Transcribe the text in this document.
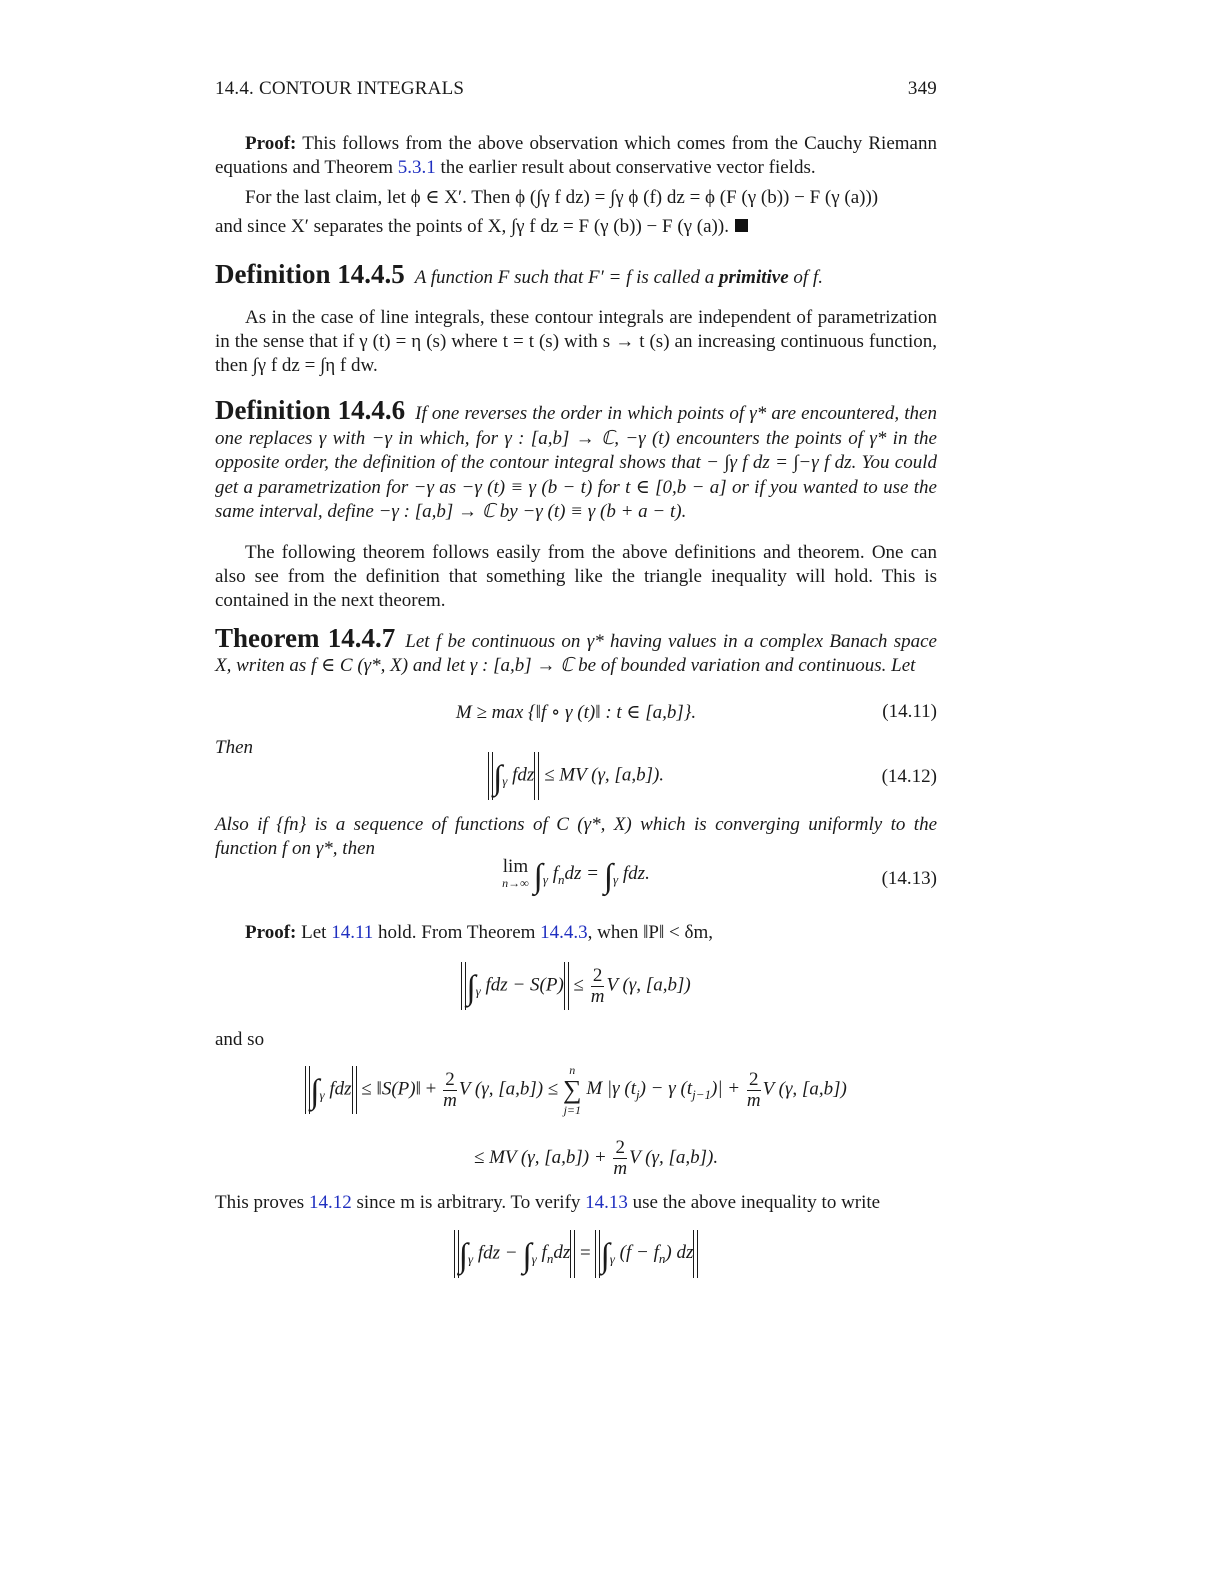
14.4. CONTOUR INTEGRALS	349
Proof: This follows from the above observation which comes from the Cauchy Riemann equations and Theorem 5.3.1 the earlier result about conservative vector fields.
For the last claim, let ϕ ∈ X′. Then ϕ (∫γ f dz) = ∫γ ϕ (f) dz = ϕ (F (γ (b)) − F (γ (a)))
and since X′ separates the points of X, ∫γ f dz = F (γ (b)) − F (γ (a)).
Definition 14.4.5 A function F such that F′ = f is called a primitive of f.
As in the case of line integrals, these contour integrals are independent of parametrization in the sense that if γ (t) = η (s) where t = t (s) with s → t (s) an increasing continuous function, then ∫γ f dz = ∫η f dw.
Definition 14.4.6 If one reverses the order in which points of γ* are encountered, then one replaces γ with −γ in which, for γ : [a,b] → ℂ, −γ (t) encounters the points of γ* in the opposite order, the definition of the contour integral shows that − ∫γ f dz = ∫−γ f dz. You could get a parametrization for −γ as −γ (t) ≡ γ (b − t) for t ∈ [0,b − a] or if you wanted to use the same interval, define −γ : [a,b] → ℂ by −γ (t) ≡ γ (b + a − t).
The following theorem follows easily from the above definitions and theorem. One can also see from the definition that something like the triangle inequality will hold. This is contained in the next theorem.
Theorem 14.4.7 Let f be continuous on γ* having values in a complex Banach space X, writen as f ∈ C (γ*, X) and let γ : [a,b] → ℂ be of bounded variation and continuous. Let
M ≥ max {‖f ∘ γ (t)‖ : t ∈ [a,b]}.	(14.11)
Then
$\int_\gamma$ fdz ≤ MV (γ, [a,b]).	(14.12)
Also if {fn} is a sequence of functions of C (γ*, X) which is converging uniformly to the function f on γ*, then
lim
n→∞ $\int_\gamma$ $f_ndz = \int_\gamma$ fdz.	(14.13)
Proof: Let 14.11 hold. From Theorem 14.4.3, when ‖P‖ < δm,
$\int_\gamma$ fdz − $S(P) \le \frac{2}{m}$ V (γ, [a,b])
and so
$\int_\gamma$ fdz ≤ ‖S(P)‖ + $\frac{2}{m}$ V (γ, [a,b]) ≤
n
∑
j=1
M |γ $(t_j) - \gamma$ $(t_{j-1})| + \frac{2}{m}$ V (γ, [a,b])
≤ MV (γ, $[a,b]) + \frac{2}{m}$ V (γ, [a,b]).
This proves 14.12 since m is arbitrary. To verify 14.13 use the above inequality to write
$\int_\gamma$ fdz − $\int_\gamma$ $f_ndz = \int_\gamma$ $(f - f_n)$ dz
